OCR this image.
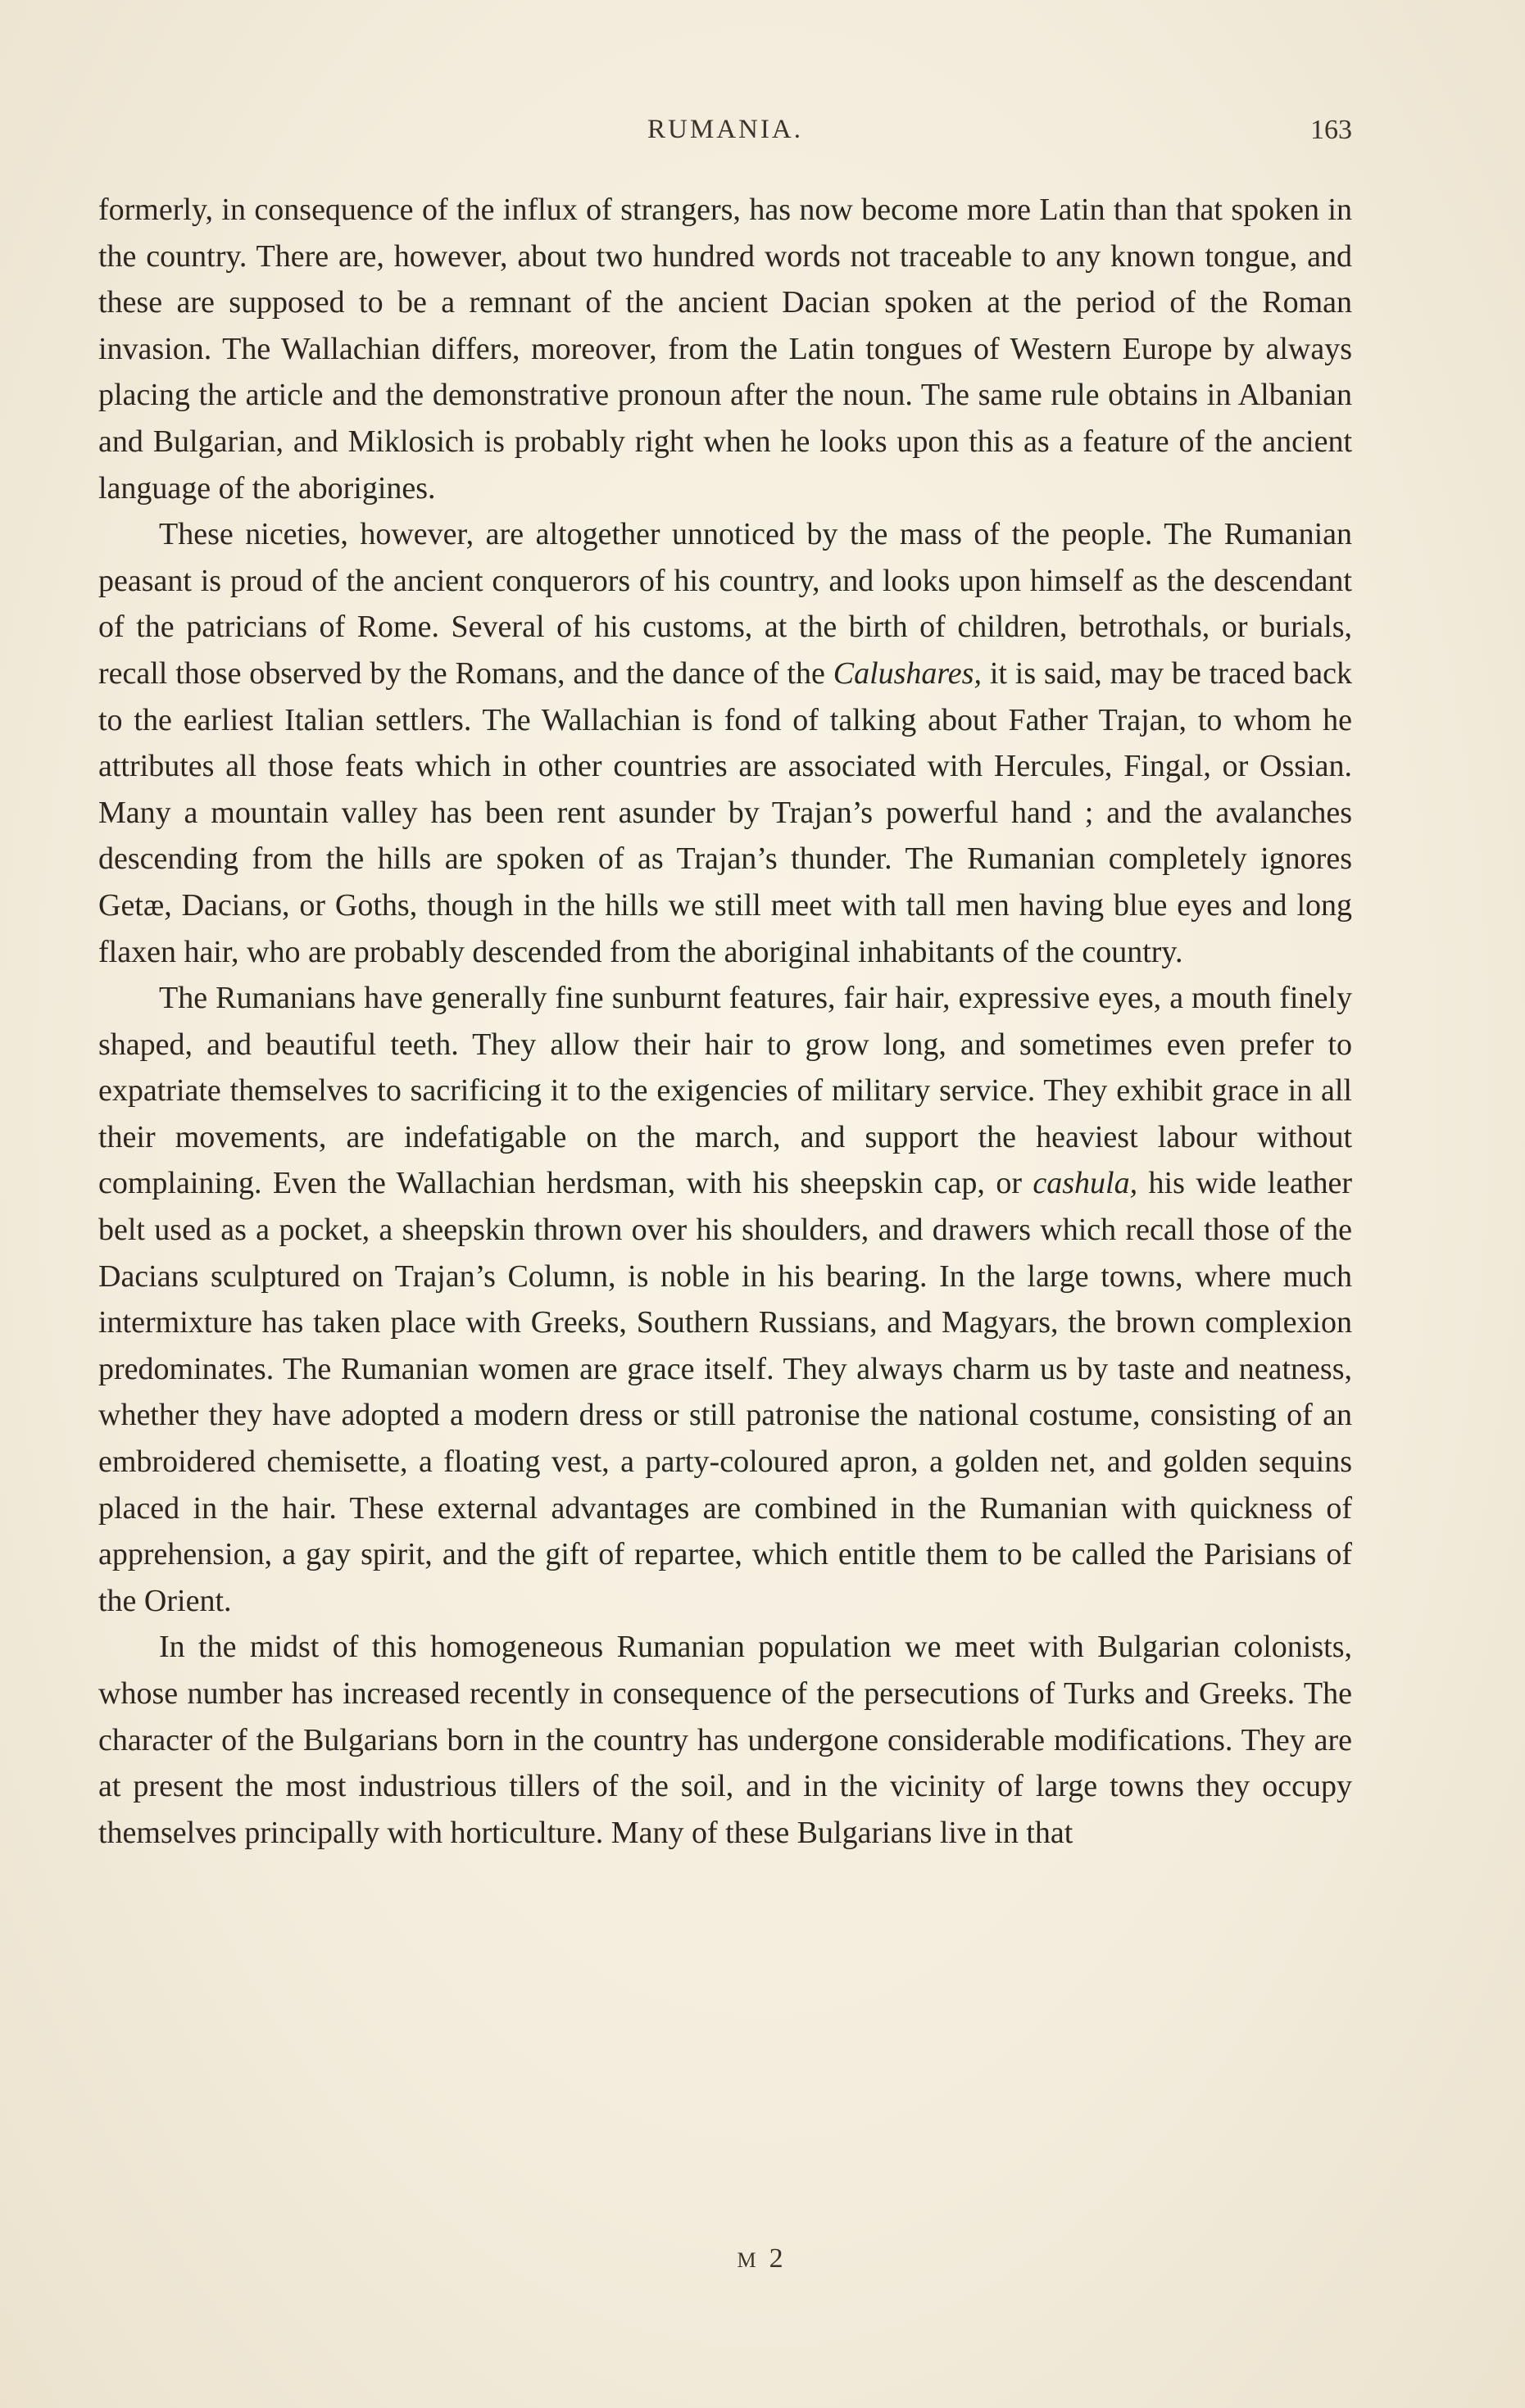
RUMANIA.	163

formerly, in consequence of the influx of strangers, has now become more Latin than that spoken in the country. There are, however, about two hundred words not traceable to any known tongue, and these are supposed to be a remnant of the ancient Dacian spoken at the period of the Roman invasion. The Wallachian differs, moreover, from the Latin tongues of Western Europe by always placing the article and the demonstrative pronoun after the noun. The same rule obtains in Albanian and Bulgarian, and Miklosich is probably right when he looks upon this as a feature of the ancient language of the aborigines.

These niceties, however, are altogether unnoticed by the mass of the people. The Rumanian peasant is proud of the ancient conquerors of his country, and looks upon himself as the descendant of the patricians of Rome. Several of his customs, at the birth of children, betrothals, or burials, recall those observed by the Romans, and the dance of the Calushares, it is said, may be traced back to the earliest Italian settlers. The Wallachian is fond of talking about Father Trajan, to whom he attributes all those feats which in other countries are associated with Hercules, Fingal, or Ossian. Many a mountain valley has been rent asunder by Trajan’s powerful hand ; and the avalanches descending from the hills are spoken of as Trajan’s thunder. The Rumanian completely ignores Getæ, Dacians, or Goths, though in the hills we still meet with tall men having blue eyes and long flaxen hair, who are probably descended from the aboriginal inhabitants of the country.

The Rumanians have generally fine sunburnt features, fair hair, expressive eyes, a mouth finely shaped, and beautiful teeth. They allow their hair to grow long, and sometimes even prefer to expatriate themselves to sacrificing it to the exigencies of military service. They exhibit grace in all their movements, are indefatigable on the march, and support the heaviest labour without complaining. Even the Wallachian herdsman, with his sheepskin cap, or cashula, his wide leather belt used as a pocket, a sheepskin thrown over his shoulders, and drawers which recall those of the Dacians sculptured on Trajan’s Column, is noble in his bearing. In the large towns, where much intermixture has taken place with Greeks, Southern Russians, and Magyars, the brown complexion predominates. The Rumanian women are grace itself. They always charm us by taste and neatness, whether they have adopted a modern dress or still patronise the national costume, consisting of an embroidered chemisette, a floating vest, a party-coloured apron, a golden net, and golden sequins placed in the hair. These external advantages are combined in the Rumanian with quickness of apprehension, a gay spirit, and the gift of repartee, which entitle them to be called the Parisians of the Orient.

In the midst of this homogeneous Rumanian population we meet with Bulgarian colonists, whose number has increased recently in consequence of the persecutions of Turks and Greeks. The character of the Bulgarians born in the country has undergone considerable modifications. They are at present the most industrious tillers of the soil, and in the vicinity of large towns they occupy themselves principally with horticulture. Many of these Bulgarians live in that

M 2
